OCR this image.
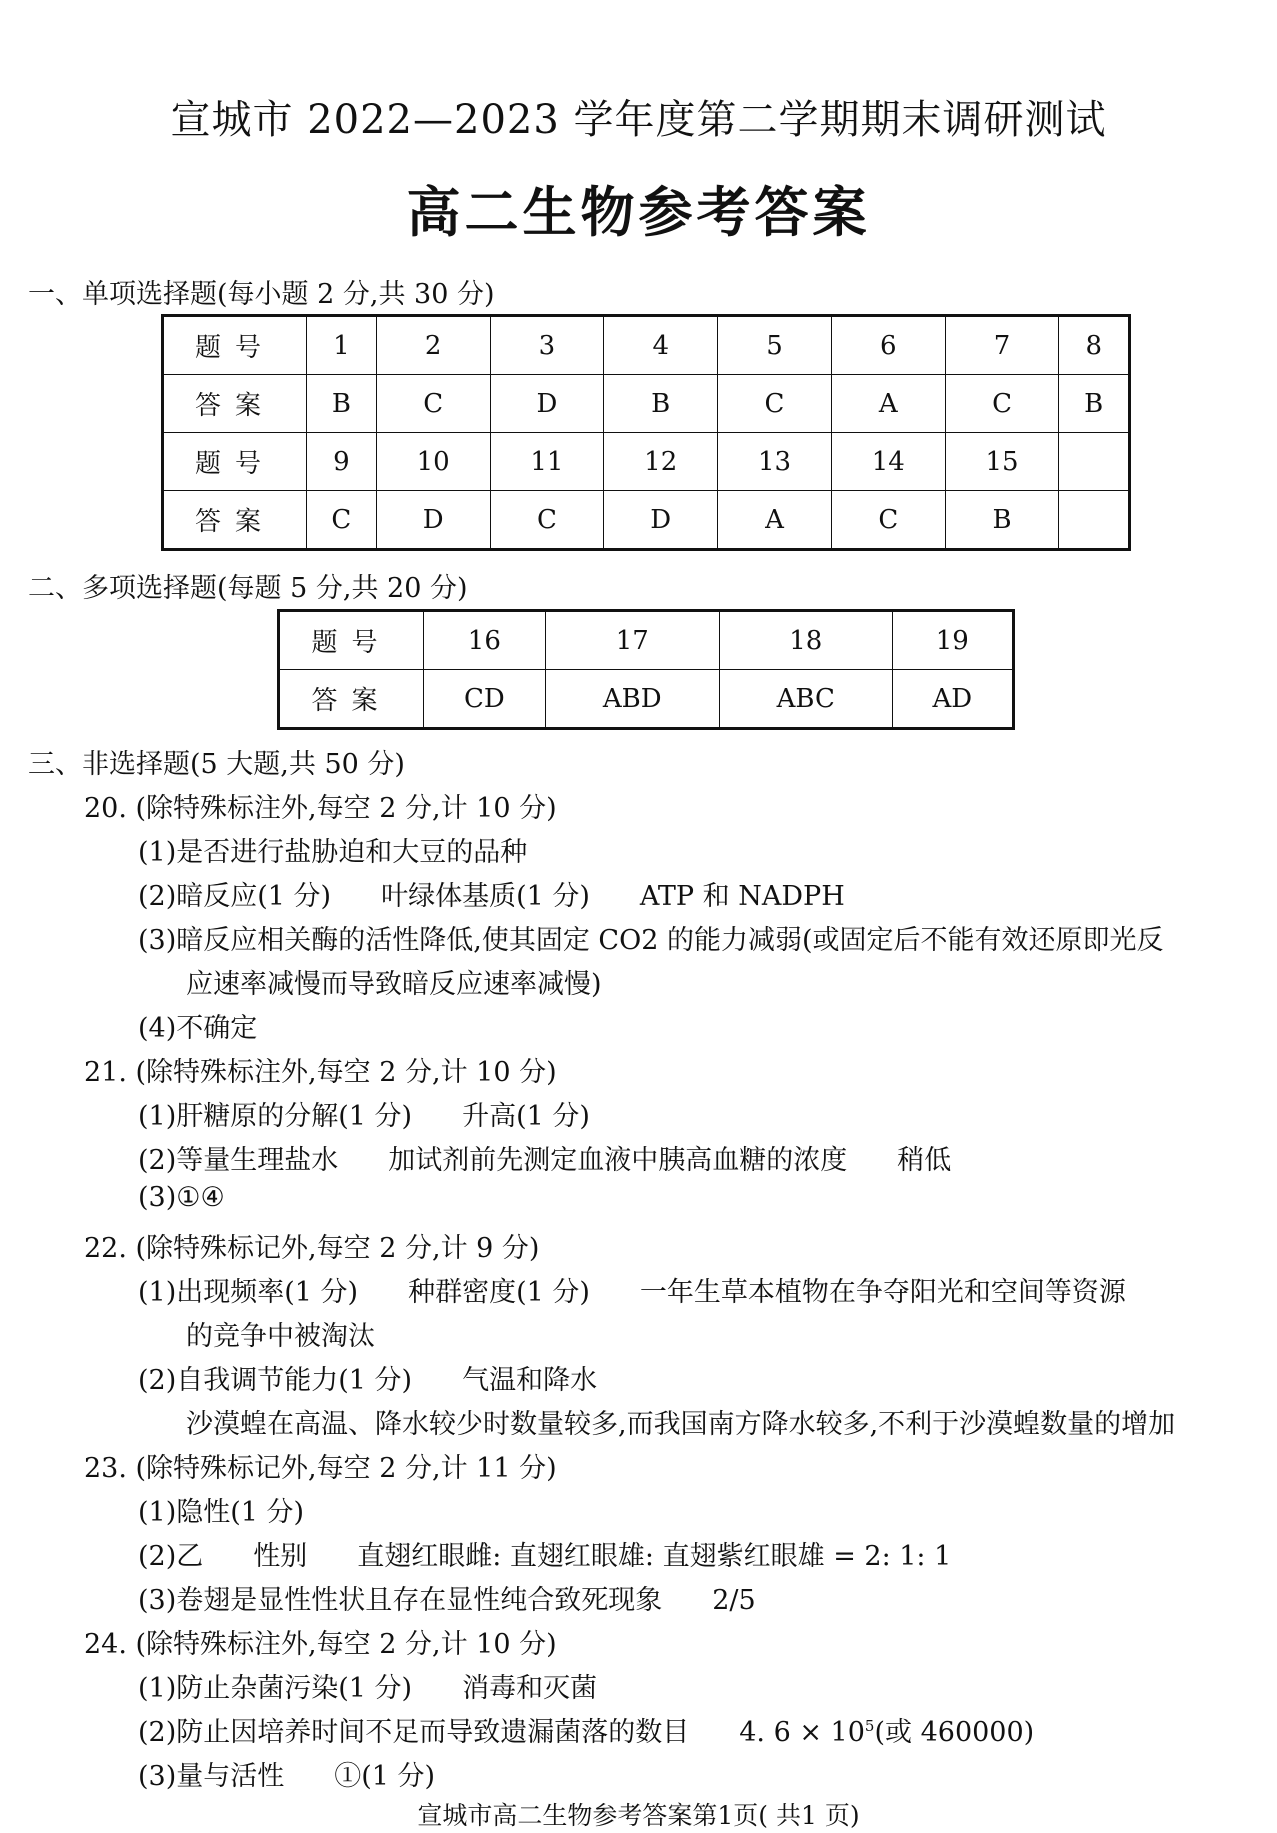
宣城市 2022—2023 学年度第二学期期末调研测试
高二生物参考答案
一、单项选择题(每小题 2 分,共 30 分)
题号	1	2	3	4	5	6	7	8
答案	B	C	D	B	C	A	C	B
题号	9	10	11	12	13	14	15	
答案	C	D	C	D	A	C	B	
二、多项选择题(每题 5 分,共 20 分)
题号	16	17	18	19
答案	CD	ABD	ABC	AD
三、非选择题(5 大题,共 50 分)
20. (除特殊标注外,每空 2 分,计 10 分)
(1)是否进行盐胁迫和大豆的品种
(2)暗反应(1 分) 叶绿体基质(1 分) ATP 和 NADPH
(3)暗反应相关酶的活性降低,使其固定 CO2 的能力减弱(或固定后不能有效还原即光反
应速率减慢而导致暗反应速率减慢)
(4)不确定
21. (除特殊标注外,每空 2 分,计 10 分)
(1)肝糖原的分解(1 分) 升高(1 分)
(2)等量生理盐水 加试剂前先测定血液中胰高血糖的浓度 稍低
(3)①④
22. (除特殊标记外,每空 2 分,计 9 分)
(1)出现频率(1 分) 种群密度(1 分) 一年生草本植物在争夺阳光和空间等资源
的竞争中被淘汰
(2)自我调节能力(1 分) 气温和降水
沙漠蝗在高温、降水较少时数量较多,而我国南方降水较多,不利于沙漠蝗数量的增加
23. (除特殊标记外,每空 2 分,计 11 分)
(1)隐性(1 分)
(2)乙 性别 直翅红眼雌: 直翅红眼雄: 直翅紫红眼雄 = 2: 1: 1
(3)卷翅是显性性状且存在显性纯合致死现象 2/5
24. (除特殊标注外,每空 2 分,计 10 分)
(1)防止杂菌污染(1 分) 消毒和灭菌
(2)防止因培养时间不足而导致遗漏菌落的数目 4. $6 \times 10^5$(或 460000)
(3)量与活性 ①(1 分)
宣城市高二生物参考答案第1页( 共1 页)
